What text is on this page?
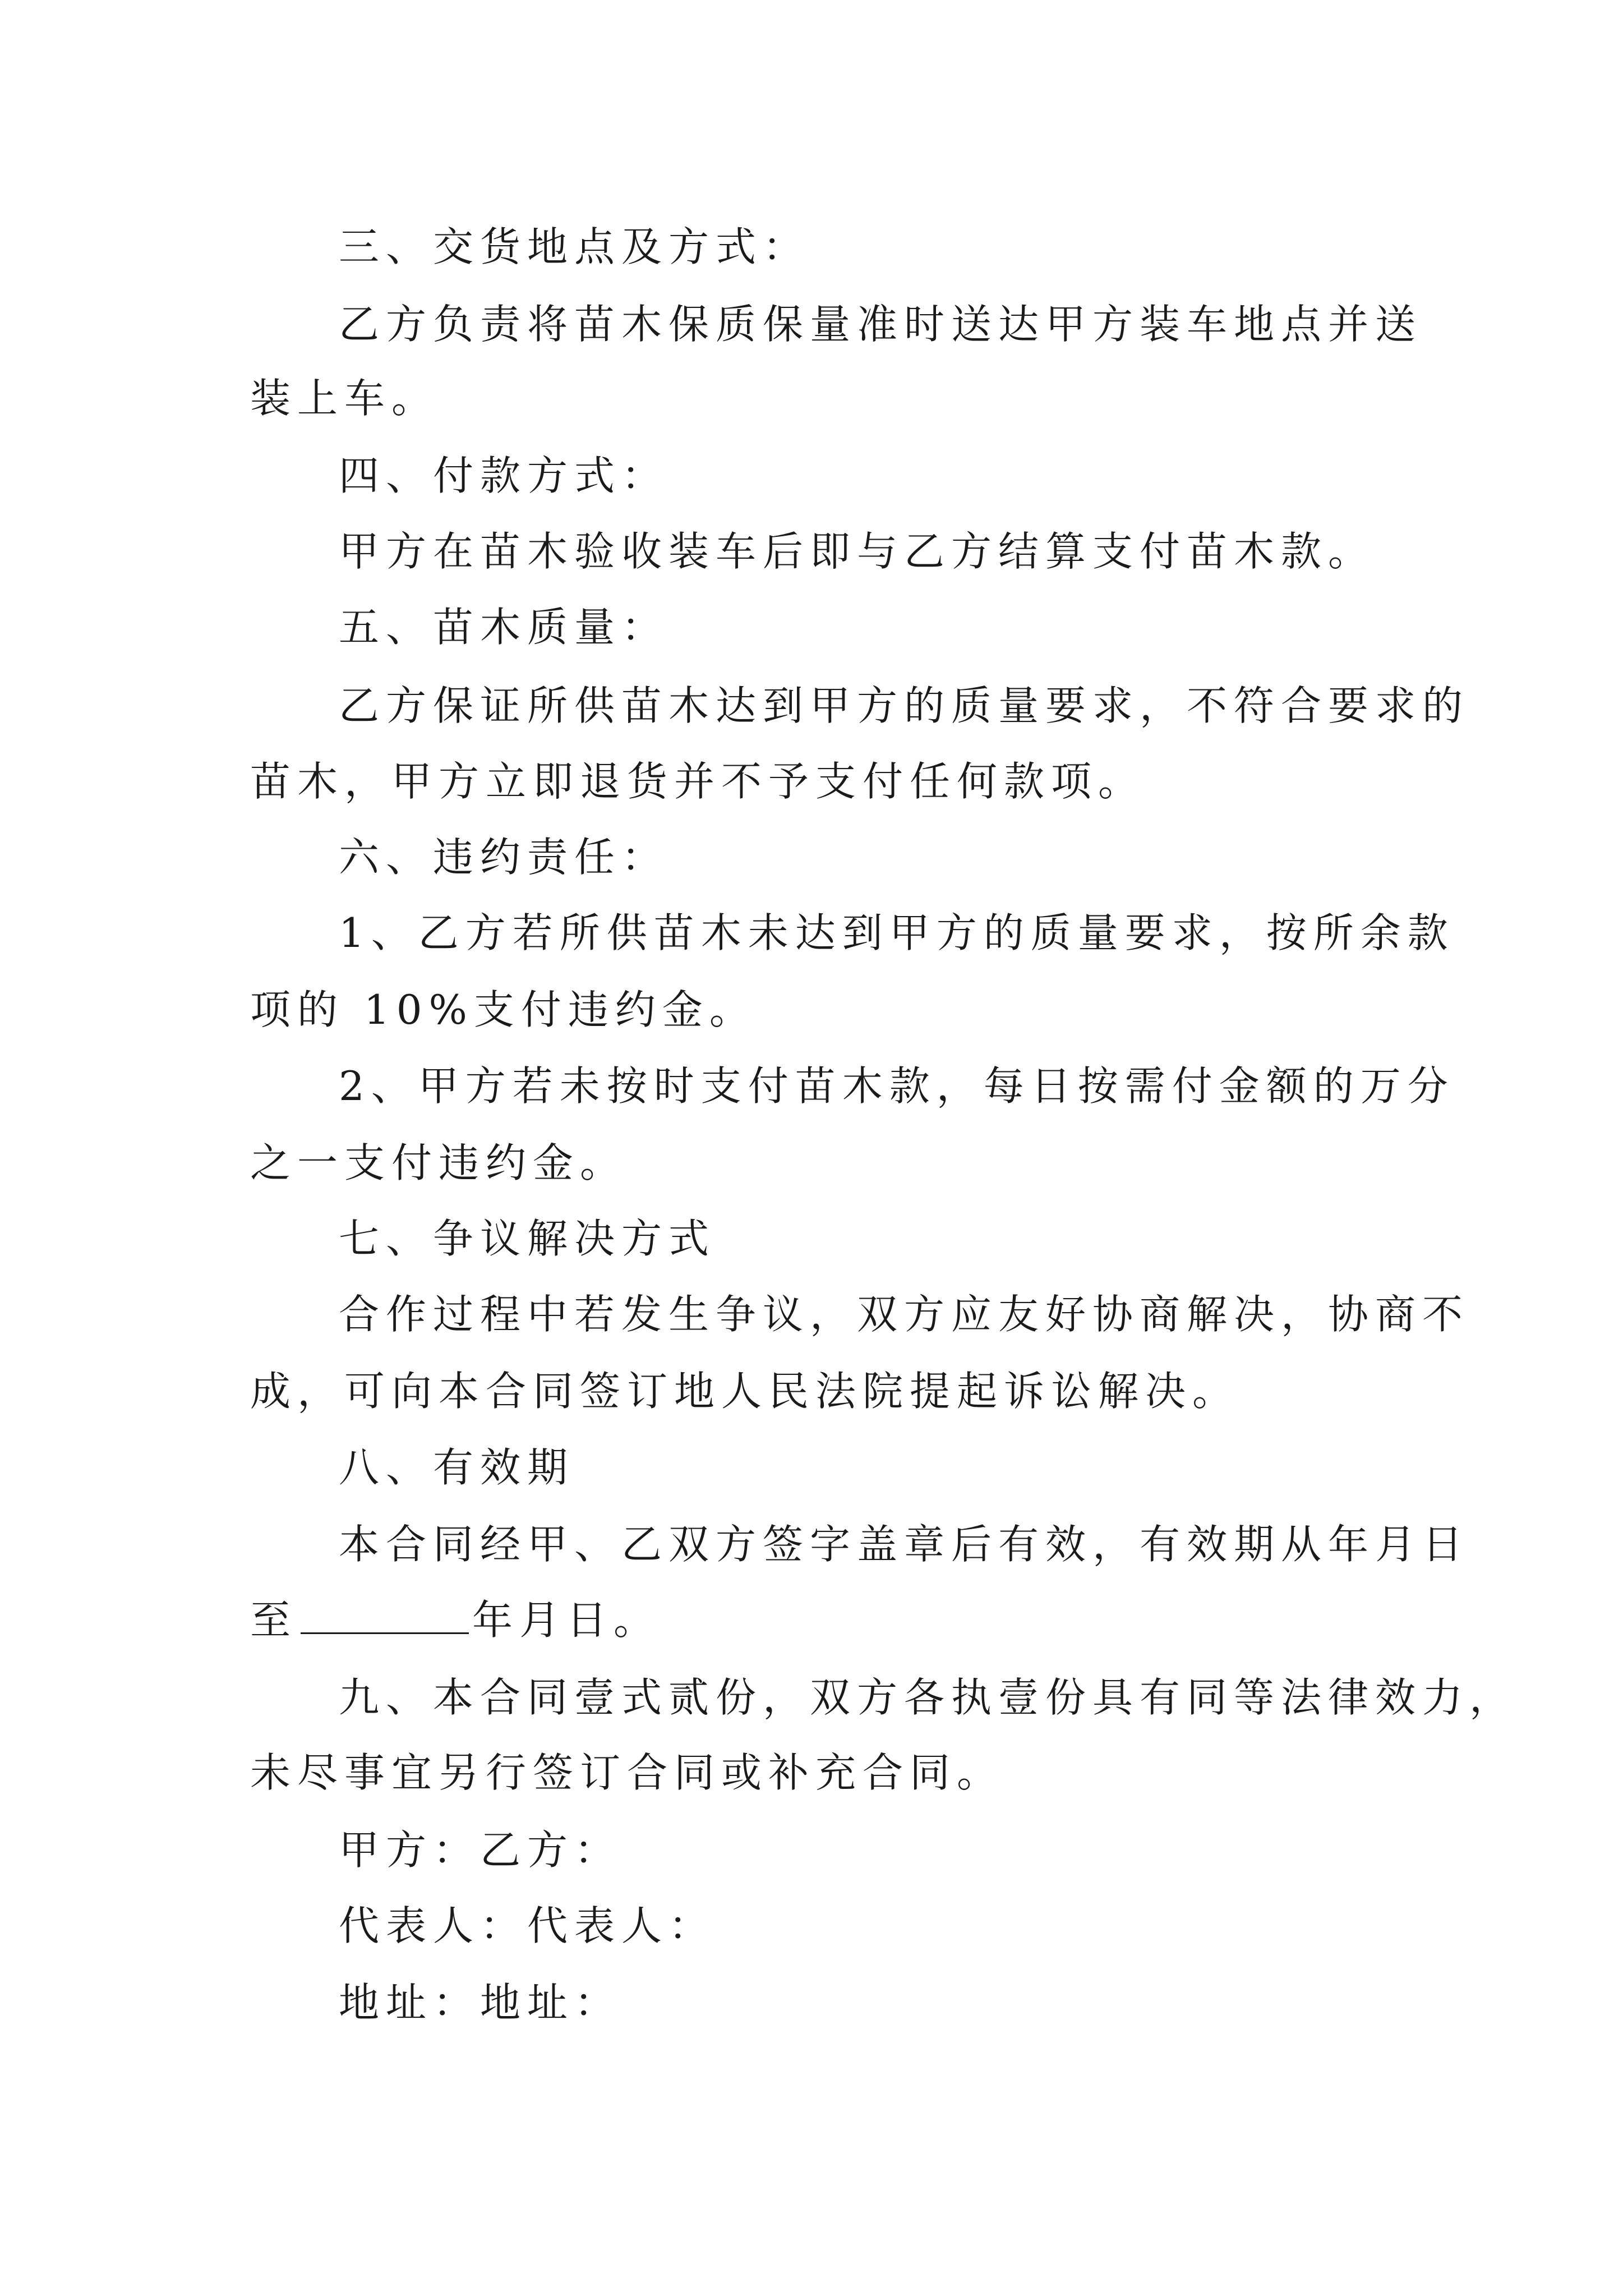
三、交货地点及方式：
乙方负责将苗木保质保量准时送达甲方装车地点并送
装上车。
四、付款方式：
甲方在苗木验收装车后即与乙方结算支付苗木款。
五、苗木质量：
乙方保证所供苗木达到甲方的质量要求，不符合要求的
苗木，甲方立即退货并不予支付任何款项。
六、违约责任：
1、乙方若所供苗木未达到甲方的质量要求，按所余款
项的 10%支付违约金。
2、甲方若未按时支付苗木款，每日按需付金额的万分
之一支付违约金。
七、争议解决方式
合作过程中若发生争议，双方应友好协商解决，协商不
成，可向本合同签订地人民法院提起诉讼解决。
八、有效期
本合同经甲、乙双方签字盖章后有效，有效期从年月日
至	年月日。
九、本合同壹式贰份，双方各执壹份具有同等法律效力，
未尽事宜另行签订合同或补充合同。
甲方：乙方：
代表人：代表人：
地址：地址：
